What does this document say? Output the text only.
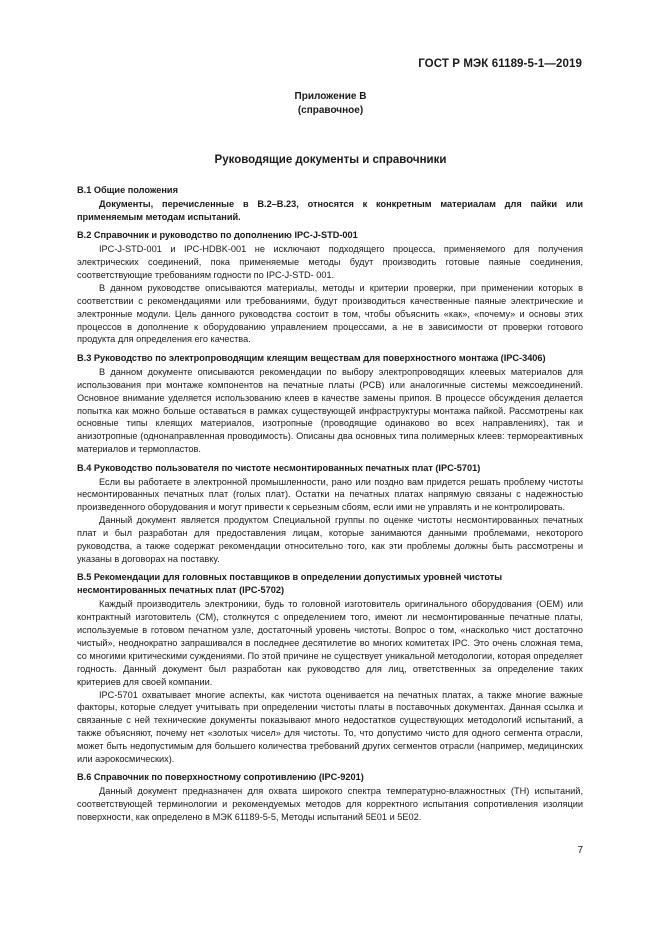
ГОСТ Р МЭК 61189-5-1—2019
Приложение В
(справочное)
Руководящие документы и справочники
В.1 Общие положения

Документы, перечисленные в В.2–В.23, относятся к конкретным материалам для пайки или применяемым методам испытаний.

В.2 Справочник и руководство по дополнению IPC-J-STD-001

IPC-J-STD-001 и IPC-HDBK-001 не исключают подходящего процесса, применяемого для получения электрических соединений, пока применяемые методы будут производить готовые паяные соединения, соответствующие требованиям годности по IPC-J-STD- 001.

В данном руководстве описываются материалы, методы и критерии проверки, при применении которых в соответствии с рекомендациями или требованиями, будут производиться качественные паяные электрические и электронные модули. Цель данного руководства состоит в том, чтобы объяснить «как», «почему» и основы этих процессов в дополнение к оборудованию управлением процессами, а не в зависимости от проверки готового продукта для определения его качества.

В.3 Руководство по электропроводящим клеящим веществам для поверхностного монтажа (IPC-3406)

В данном документе описываются рекомендации по выбору электропроводящих клеевых материалов для использования при монтаже компонентов на печатные платы (PCB) или аналогичные системы межсоединений. Основное внимание уделяется использованию клеев в качестве замены припоя. В процессе обсуждения делается попытка как можно больше оставаться в рамках существующей инфраструктуры монтажа пайкой. Рассмотрены как основные типы клеящих материалов, изотропные (проводящие одинаково во всех направлениях), так и анизотропные (однонаправленная проводимость). Описаны два основных типа полимерных клеев: термореактивных материалов и термопластов.

В.4 Руководство пользователя по чистоте несмонтированных печатных плат (IPC-5701)

Если вы работаете в электронной промышленности, рано или поздно вам придется решать проблему чистоты несмонтированных печатных плат (голых плат). Остатки на печатных платах напрямую связаны с надежностью произведенного оборудования и могут привести к серьезным сбоям, если ими не управлять и не контролировать.

Данный документ является продуктом Специальной группы по оценке чистоты несмонтированных печатных плат и был разработан для предоставления лицам, которые занимаются данными проблемами, некоторого руководства, а также содержат рекомендации относительно того, как эти проблемы должны быть рассмотрены и указаны в договорах на поставку.

В.5 Рекомендации для головных поставщиков в определении допустимых уровней чистоты несмонтированных печатных плат (IPC-5702)

Каждый производитель электроники, будь то головной изготовитель оригинального оборудования (OEM) или контрактный изготовитель (CM), столкнутся с определением того, имеют ли несмонтированные печатные платы, используемые в готовом печатном узле, достаточный уровень чистоты. Вопрос о том, «насколько чист достаточно чистый», неоднократно запрашивался в последнее десятилетие во многих комитетах IPC. Это очень сложная тема, со многими критическими суждениями. По этой причине не существует уникальной методологии, которая определяет годность. Данный документ был разработан как руководство для лиц, ответственных за определение таких критериев для своей компании.

IPC-5701 охватывает многие аспекты, как чистота оценивается на печатных платах, а также многие важные факторы, которые следует учитывать при определении чистоты платы в поставочных документах. Данная ссылка и связанные с ней технические документы показывают много недостатков существующих методологий испытаний, а также объясняют, почему нет «золотых чисел» для чистоты. То, что допустимо чисто для одного сегмента отрасли, может быть недопустимым для большего количества требований других сегментов отрасли (например, медицинских или аэрокосмических).

В.6 Справочник по поверхностному сопротивлению (IPC-9201)

Данный документ предназначен для охвата широкого спектра температурно-влажностных (TH) испытаний, соответствующей терминологии и рекомендуемых методов для корректного испытания сопротивления изоляции поверхности, как определено в МЭК 61189-5-5, Методы испытаний 5Е01 и 5Е02.

7
